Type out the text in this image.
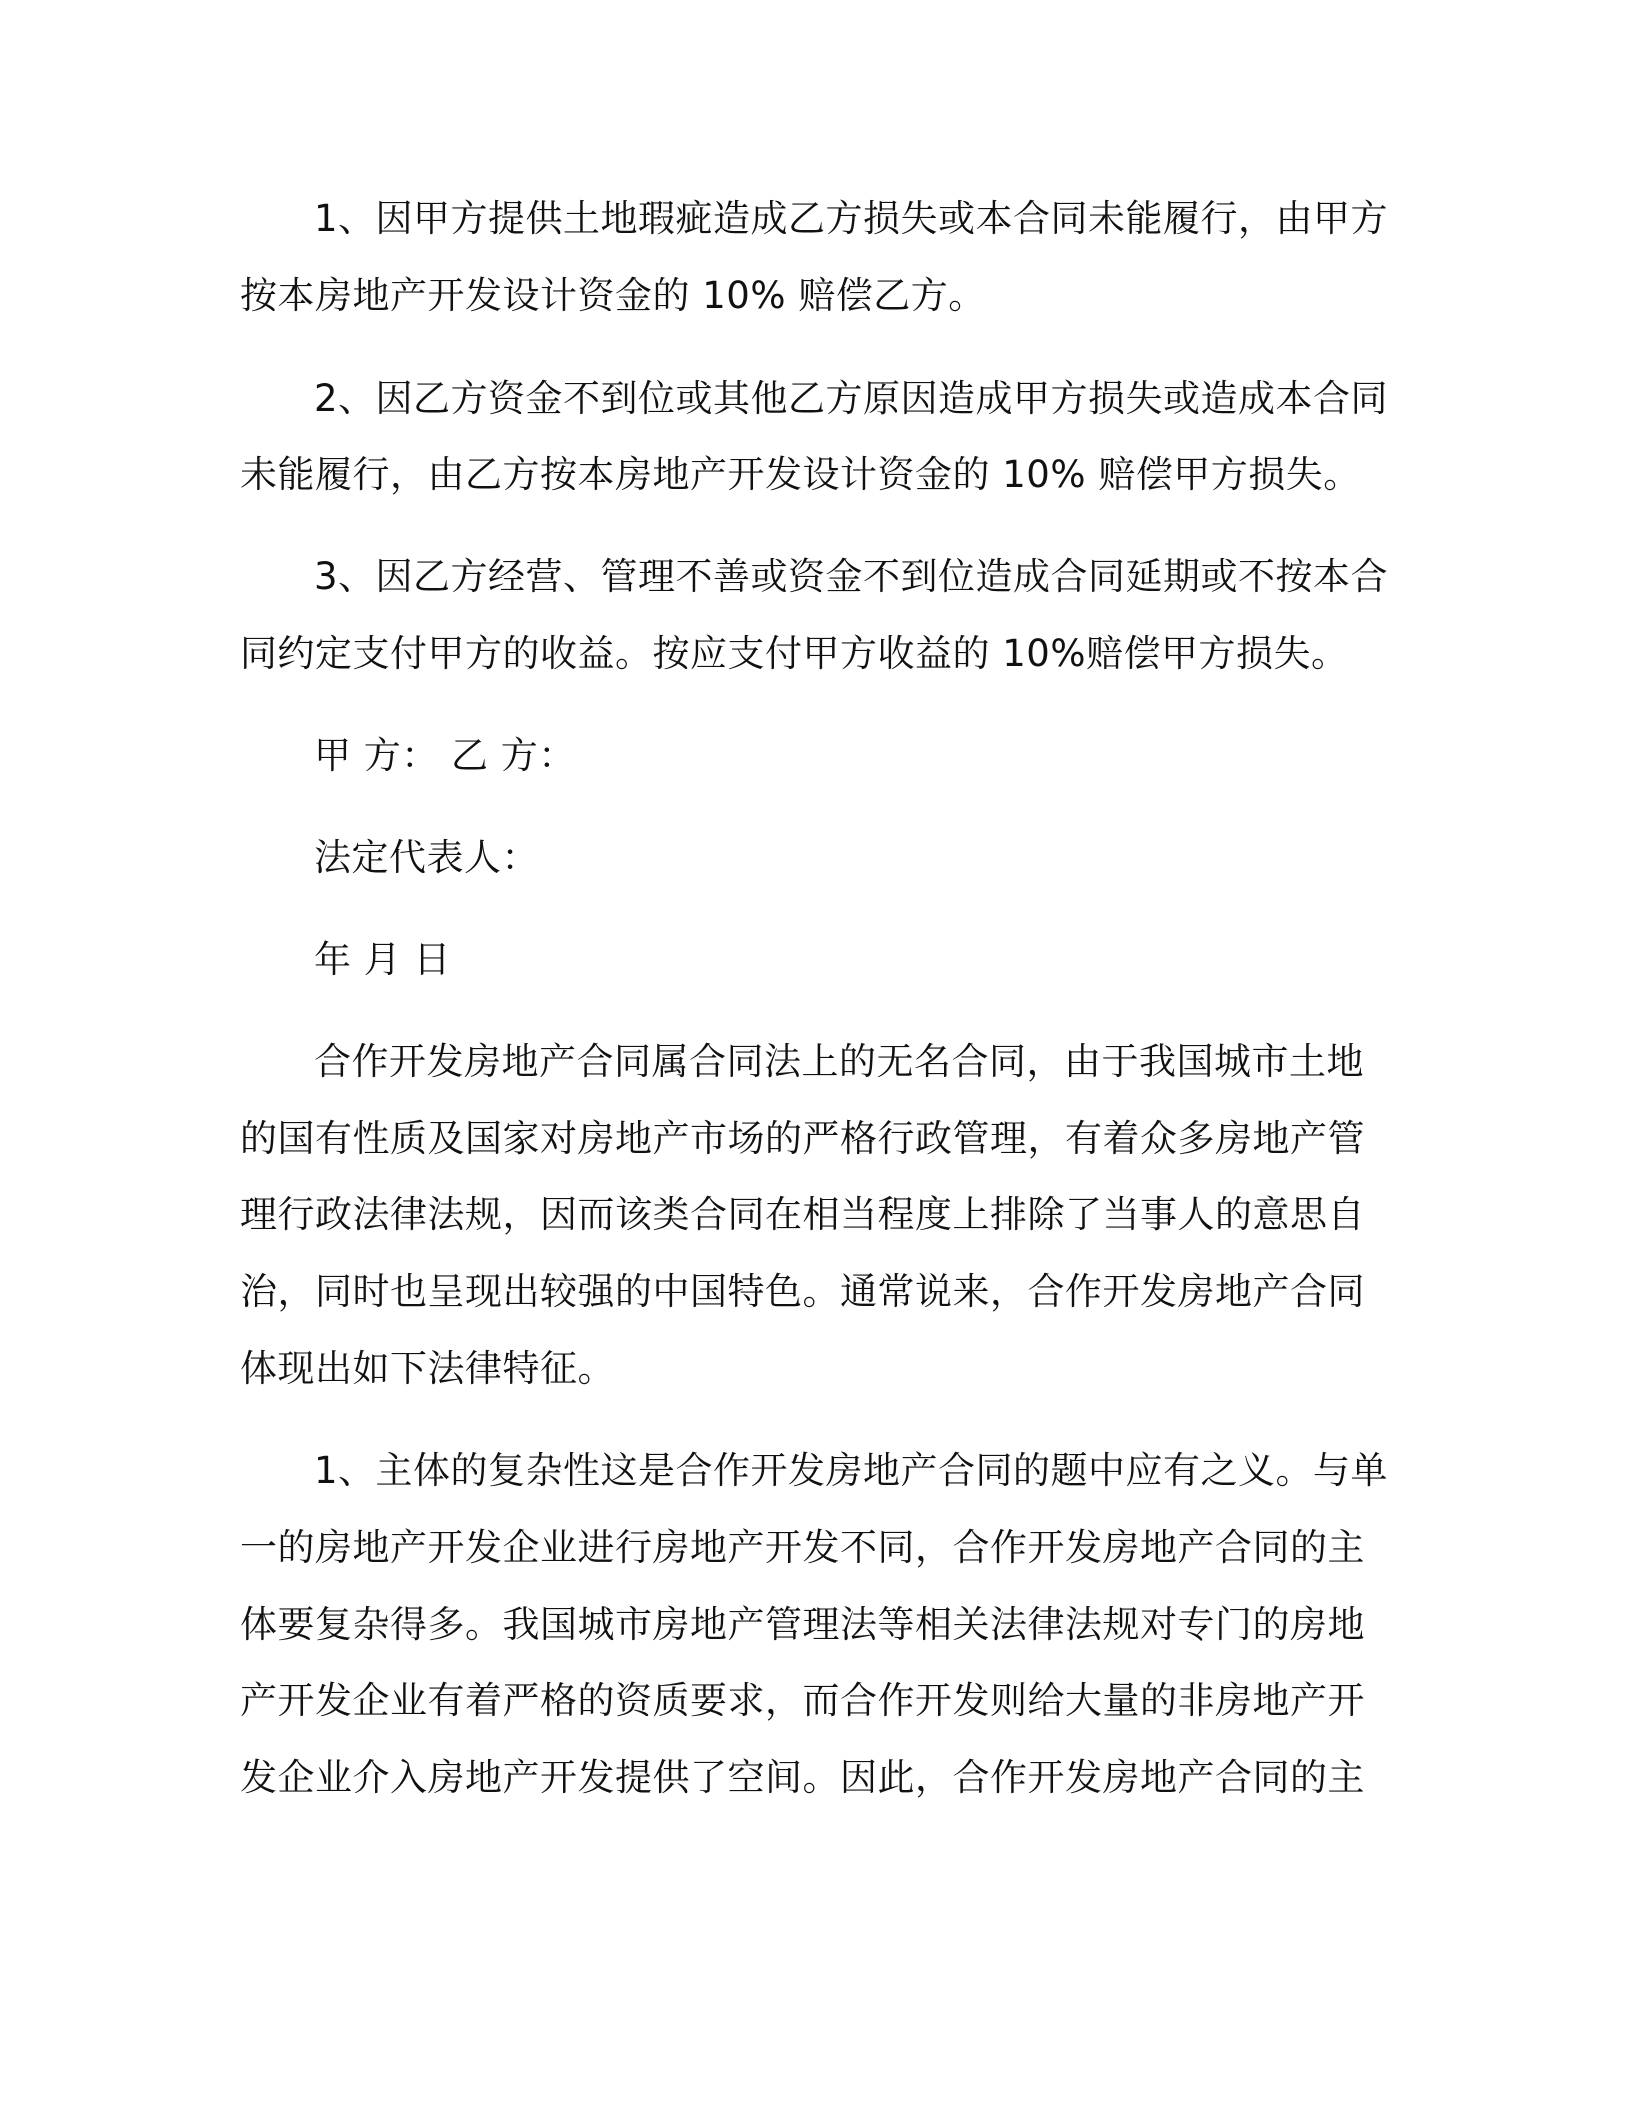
1、因甲方提供土地瑕疵造成乙方损失或本合同未能履行，由甲方

按本房地产开发设计资金的 10% 赔偿乙方。

2、因乙方资金不到位或其他乙方原因造成甲方损失或造成本合同

未能履行，由乙方按本房地产开发设计资金的 10% 赔偿甲方损失。

3、因乙方经营、管理不善或资金不到位造成合同延期或不按本合

同约定支付甲方的收益。按应支付甲方收益的 10%赔偿甲方损失。

甲 方： 乙 方：

法定代表人：

年 月 日

合作开发房地产合同属合同法上的无名合同，由于我国城市土地

的国有性质及国家对房地产市场的严格行政管理，有着众多房地产管

理行政法律法规，因而该类合同在相当程度上排除了当事人的意思自

治，同时也呈现出较强的中国特色。通常说来，合作开发房地产合同

体现出如下法律特征。

1、主体的复杂性这是合作开发房地产合同的题中应有之义。与单

一的房地产开发企业进行房地产开发不同，合作开发房地产合同的主

体要复杂得多。我国城市房地产管理法等相关法律法规对专门的房地

产开发企业有着严格的资质要求，而合作开发则给大量的非房地产开

发企业介入房地产开发提供了空间。因此，合作开发房地产合同的主
